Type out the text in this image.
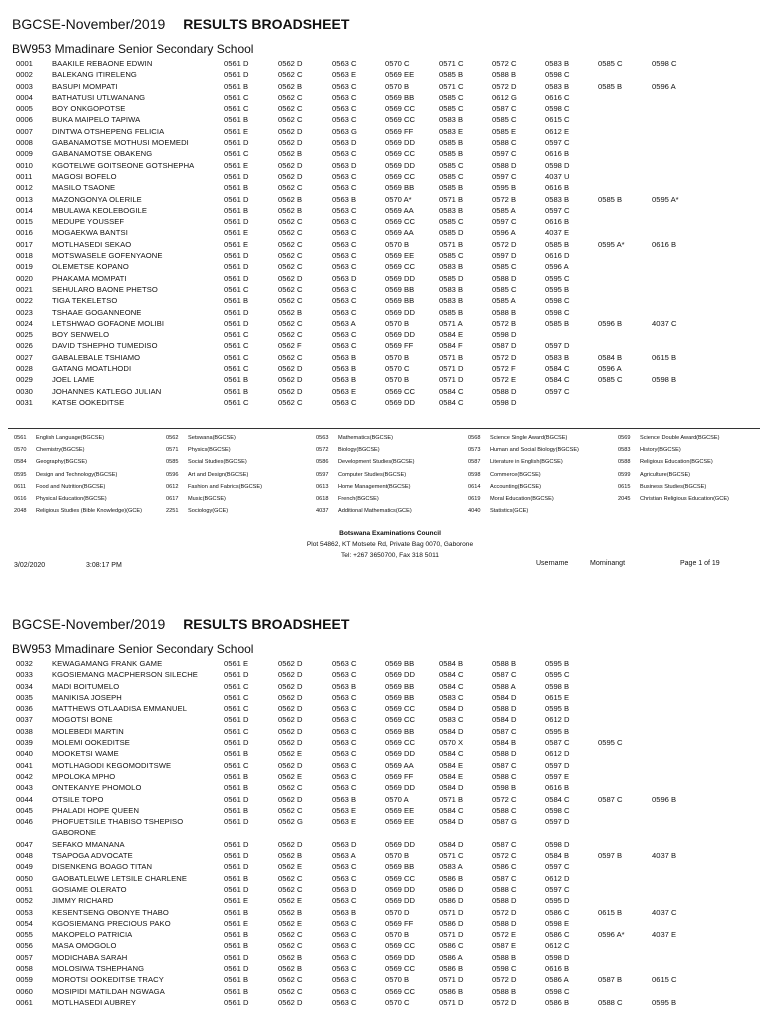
BGCSE-November/2019 RESULTS BROADSHEET
BW953 Mmadinare Senior Secondary School
0001	BAAKILE REBAONE EDWIN	0561 D	0562 D	0563 C	0570 C	0571 C	0572 C	0583 B	0585 C	0598 C
0002	BALEKANG ITIRELENG	0561 D	0562 C	0563 E	0569 EE	0585 B	0588 B	0598 C
0003	BASUPI MOMPATI	0561 B	0562 B	0563 C	0570 B	0571 C	0572 D	0583 B	0585 B	0596 A
0004	BATHATUSI UTLWANANG	0561 C	0562 C	0563 C	0569 BB	0585 C	0612 G	0616 C
0005	BOY ONKGOPOTSE	0561 C	0562 C	0563 C	0569 CC	0585 C	0587 C	0598 C
0006	BUKA MAIPELO TAPIWA	0561 B	0562 C	0563 C	0569 CC	0583 B	0585 C	0615 C
0007	DINTWA OTSHEPENG FELICIA	0561 E	0562 D	0563 G	0569 FF	0583 E	0585 E	0612 E
0008	GABANAMOTSE MOTHUSI MOEMEDI	0561 D	0562 D	0563 D	0569 DD	0585 B	0588 C	0597 C
0009	GABANAMOTSE OBAKENG	0561 C	0562 B	0563 C	0569 CC	0585 B	0597 C	0616 B
0010	KGOTELWE GOITSEONE GOTSHEPHA	0561 E	0562 D	0563 D	0569 DD	0585 C	0588 D	0598 D
0011	MAGOSI BOFELO	0561 D	0562 D	0563 C	0569 CC	0585 C	0597 C	4037 U
0012	MASILO TSAONE	0561 B	0562 C	0563 C	0569 BB	0585 B	0595 B	0616 B
0013	MAZONGONYA OLERILE	0561 D	0562 B	0563 B	0570 A*	0571 B	0572 B	0583 B	0585 B	0595 A*
0014	MBULAWA KEOLEBOGILE	0561 B	0562 B	0563 C	0569 AA	0583 B	0585 A	0597 C
0015	MEDUPE YOUSSEF	0561 D	0562 C	0563 C	0569 CC	0585 C	0597 C	0616 B
0016	MOGAEKWA BANTSI	0561 E	0562 C	0563 C	0569 AA	0585 D	0596 A	4037 E
0017	MOTLHASEDI SEKAO	0561 E	0562 C	0563 C	0570 B	0571 B	0572 D	0585 B	0595 A*	0616 B
0018	MOTSWASELE GOFENYAONE	0561 D	0562 C	0563 C	0569 EE	0585 C	0597 D	0616 D
0019	OLEMETSE KOPANO	0561 D	0562 C	0563 C	0569 CC	0583 B	0585 C	0596 A
0020	PHAKAMA MOMPATI	0561 D	0562 D	0563 D	0569 DD	0585 D	0588 D	0595 C
0021	SEHULARO BAONE PHETSO	0561 C	0562 C	0563 C	0569 BB	0583 B	0585 C	0595 B
0022	TIGA TEKELETSO	0561 B	0562 C	0563 C	0569 BB	0583 B	0585 A	0598 C
0023	TSHAAE GOGANNEONE	0561 D	0562 B	0563 C	0569 DD	0585 B	0588 B	0598 C
0024	LETSHWAO GOFAONE MOLIBI	0561 D	0562 C	0563 A	0570 B	0571 A	0572 B	0585 B	0596 B	4037 C
0025	BOY SENWELO	0561 C	0562 C	0563 C	0569 DD	0584 E	0598 D
0026	DAVID TSHEPHO TUMEDISO	0561 C	0562 F	0563 C	0569 FF	0584 F	0587 D	0597 D
0027	GABALEBALE TSHIAMO	0561 C	0562 C	0563 B	0570 B	0571 B	0572 D	0583 B	0584 B	0615 B
0028	GATANG MOATLHODI	0561 C	0562 D	0563 B	0570 C	0571 D	0572 F	0584 C	0596 A
0029	JOEL LAME	0561 B	0562 D	0563 B	0570 B	0571 D	0572 E	0584 C	0585 C	0598 B
0030	JOHANNES KATLEGO JULIAN	0561 B	0562 D	0563 E	0569 CC	0584 C	0588 D	0597 C
0031	KATSE OOKEDITSE	0561 C	0562 C	0563 C	0569 DD	0584 C	0598 D
0561 English Language(BGCSE)	0562 Setswana(BGCSE)	0563 Mathematics(BGCSE)	0568 Science Single Award(BGCSE)	0569 Science Double Award(BGCSE)
0570 Chemistry(BGCSE)	0571 Physics(BGCSE)	0572 Biology(BGCSE)	0573 Human and Social Biology(BGCSE)	0583 History(BGCSE)
0584 Geography(BGCSE)	0585 Social Studies(BGCSE)	0586 Development Studies(BGCSE)	0587 Literature in English(BGCSE)	0588 Religious Education(BGCSE)
0595 Design and Technology(BGCSE)	0596 Art and Design(BGCSE)	0597 Computer Studies(BGCSE)	0598 Commerce(BGCSE)	0599 Agriculture(BGCSE)
0611 Food and Nutrition(BGCSE)	0612 Fashion and Fabrics(BGCSE)	0613 Home Management(BGCSE)	0614 Accounting(BGCSE)	0615 Business Studies(BGCSE)
0616 Physical Education(BGCSE)	0617 Music(BGCSE)	0618 French(BGCSE)	0619 Moral Education(BGCSE)	2045 Christian Religious Education(GCE)
2048 Religious Studies (Bible Knowledge)(GCE)	2251 Sociology(GCE)	4037 Additional Mathematics(GCE)	4040 Statistics(GCE)
3/02/2020	3:08:17 PM
Botswana Examinations Council
Plot 54862, KT Motsete Rd, Private Bag 0070, Gaborone
Tel: +267 3650700, Fax 318 5011
Username	Morninangt	Page 1 of 19
BGCSE-November/2019 RESULTS BROADSHEET
BW953 Mmadinare Senior Secondary School
0032	KEWAGAMANG FRANK GAME	0561 E	0562 D	0563 C	0569 BB	0584 B	0588 B	0595 B
0033	KGOSIEMANG MACPHERSON SILECHE	0561 D	0562 D	0563 C	0569 DD	0584 C	0587 C	0595 C
0034	MADI BOITUMELO	0561 C	0562 D	0563 B	0569 BB	0584 C	0588 A	0598 B
0035	MANIKISA JOSEPH	0561 C	0562 D	0563 C	0569 BB	0583 C	0584 D	0615 E
0036	MATTHEWS OTLAADISA EMMANUEL	0561 C	0562 D	0563 C	0569 CC	0584 D	0588 D	0595 B
0037	MOGOTSI BONE	0561 D	0562 D	0563 C	0569 CC	0583 C	0584 D	0612 D
0038	MOLEBEDI MARTIN	0561 C	0562 D	0563 C	0569 BB	0584 D	0587 C	0595 B
0039	MOLEMI OOKEDITSE	0561 D	0562 D	0563 C	0569 CC	0570 X	0584 B	0587 C	0595 C
0040	MOOKETSI WAME	0561 B	0562 E	0563 C	0569 DD	0584 C	0588 D	0612 D
0041	MOTLHAGODI KEGOMODITSWE	0561 C	0562 D	0563 C	0569 AA	0584 E	0587 C	0597 D
0042	MPOLOKA MPHO	0561 B	0562 E	0563 C	0569 FF	0584 E	0588 C	0597 E
0043	ONTEKANYE PHOMOLO	0561 B	0562 C	0563 C	0569 DD	0584 D	0598 B	0616 B
0044	OTSILE TOPO	0561 D	0562 D	0563 B	0570 A	0571 B	0572 C	0584 C	0587 C	0596 B
0045	PHALADI HOPE QUEEN	0561 B	0562 C	0563 E	0569 EE	0584 C	0588 C	0598 C
0046	PHOFUETSILE THABISO TSHEPISO	0561 D	0562 G	0563 E	0569 EE	0584 D	0587 G	0597 D
GABORONE
0047	SEFAKO MMANANA	0561 D	0562 D	0563 D	0569 DD	0584 D	0587 C	0598 D
0048	TSAPOGA ADVOCATE	0561 D	0562 B	0563 A	0570 B	0571 C	0572 C	0584 B	0597 B	4037 B
0049	DISENKENG BOAGO TITAN	0561 D	0562 E	0563 C	0569 BB	0583 A	0586 C	0597 C
0050	GAOBATLELWE LETSILE CHARLENE	0561 B	0562 C	0563 C	0569 CC	0586 B	0587 C	0612 D
0051	GOSIAME OLERATO	0561 D	0562 C	0563 D	0569 DD	0586 D	0588 C	0597 C
0052	JIMMY RICHARD	0561 E	0562 E	0563 C	0569 DD	0586 D	0588 D	0595 D
0053	KESENTSENG OBONYE THABO	0561 B	0562 B	0563 B	0570 D	0571 D	0572 D	0586 C	0615 B	4037 C
0054	KGOSIEMANG PRECIOUS PAKO	0561 E	0562 E	0563 C	0569 FF	0586 D	0588 D	0598 E
0055	MAKOPELO PATRICIA	0561 B	0562 C	0563 C	0570 B	0571 D	0572 E	0586 C	0596 A*	4037 E
0056	MASA OMOGOLO	0561 B	0562 C	0563 C	0569 CC	0586 C	0587 E	0612 C
0057	MODICHABA SARAH	0561 D	0562 B	0563 C	0569 DD	0586 A	0588 B	0598 D
0058	MOLOSIWA TSHEPHANG	0561 D	0562 B	0563 C	0569 CC	0586 B	0598 C	0616 B
0059	MOROTSI OOKEDITSE TRACY	0561 B	0562 C	0563 C	0570 B	0571 D	0572 D	0586 A	0587 B	0615 C
0060	MOSIPIDI MATILDAH NGWAGA	0561 B	0562 C	0563 C	0569 CC	0586 B	0588 B	0598 C
0061	MOTLHASEDI AUBREY	0561 D	0562 D	0563 C	0570 C	0571 D	0572 D	0586 B	0588 C	0595 B
